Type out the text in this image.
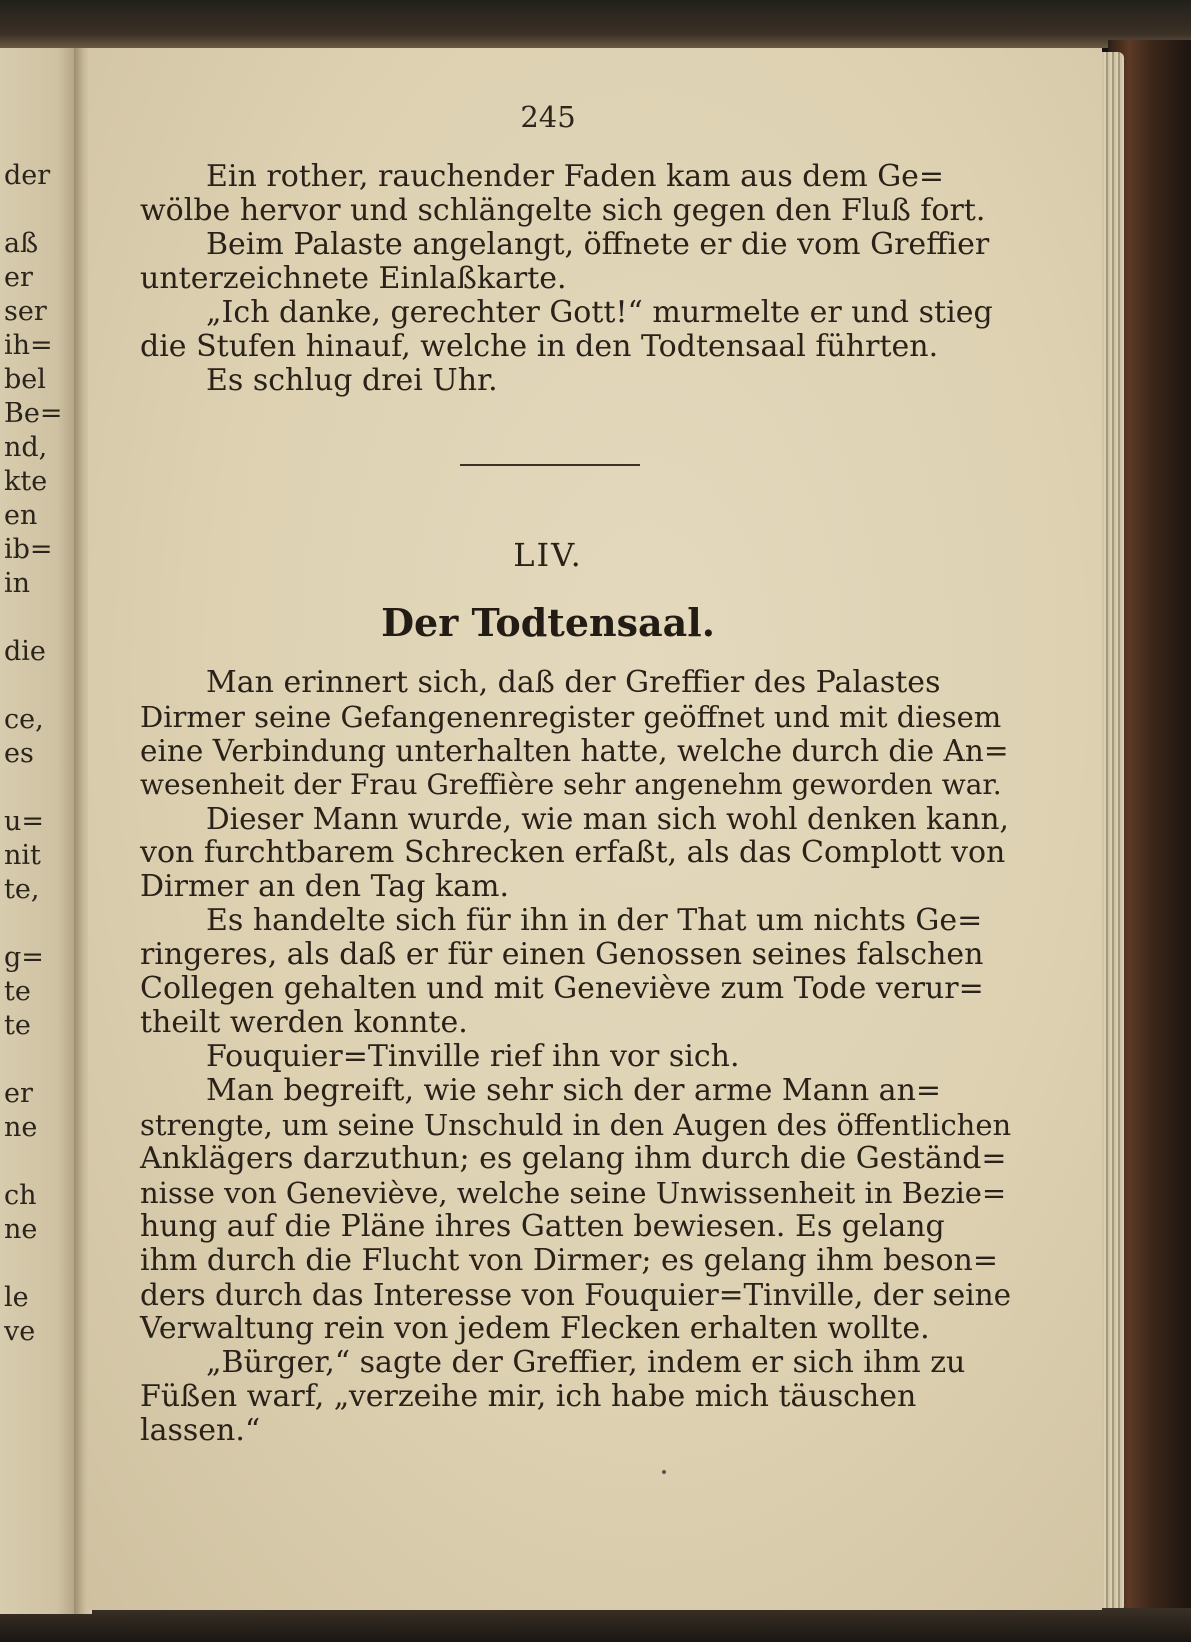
der
aß
er
ser
ih=
bel
Be=
nd,
kte
en
ib=
in
die
ce,
es
u=
nit
te,
g=
te
te
er
ne
ch
ne
le
ve
245
Ein rother, rauchender Faden kam aus dem Ge=
wölbe hervor und schlängelte sich gegen den Fluß fort.
Beim Palaste angelangt, öffnete er die vom Greffier
unterzeichnete Einlaßkarte.
„Ich danke, gerechter Gott!“ murmelte er und stieg
die Stufen hinauf, welche in den Todtensaal führten.
Es schlug drei Uhr.
LIV.
Der Todtensaal.
Man erinnert sich, daß der Greffier des Palastes
Dirmer seine Gefangenenregister geöffnet und mit diesem
eine Verbindung unterhalten hatte, welche durch die An=
wesenheit der Frau Greffière sehr angenehm geworden war.
Dieser Mann wurde, wie man sich wohl denken kann,
von furchtbarem Schrecken erfaßt, als das Complott von
Dirmer an den Tag kam.
Es handelte sich für ihn in der That um nichts Ge=
ringeres, als daß er für einen Genossen seines falschen
Collegen gehalten und mit Geneviève zum Tode verur=
theilt werden konnte.
Fouquier=Tinville rief ihn vor sich.
Man begreift, wie sehr sich der arme Mann an=
strengte, um seine Unschuld in den Augen des öffentlichen
Anklägers darzuthun; es gelang ihm durch die Geständ=
nisse von Geneviève, welche seine Unwissenheit in Bezie=
hung auf die Pläne ihres Gatten bewiesen. Es gelang
ihm durch die Flucht von Dirmer; es gelang ihm beson=
ders durch das Interesse von Fouquier=Tinville, der seine
Verwaltung rein von jedem Flecken erhalten wollte.
„Bürger,“ sagte der Greffier, indem er sich ihm zu
Füßen warf, „verzeihe mir, ich habe mich täuschen
lassen.“
